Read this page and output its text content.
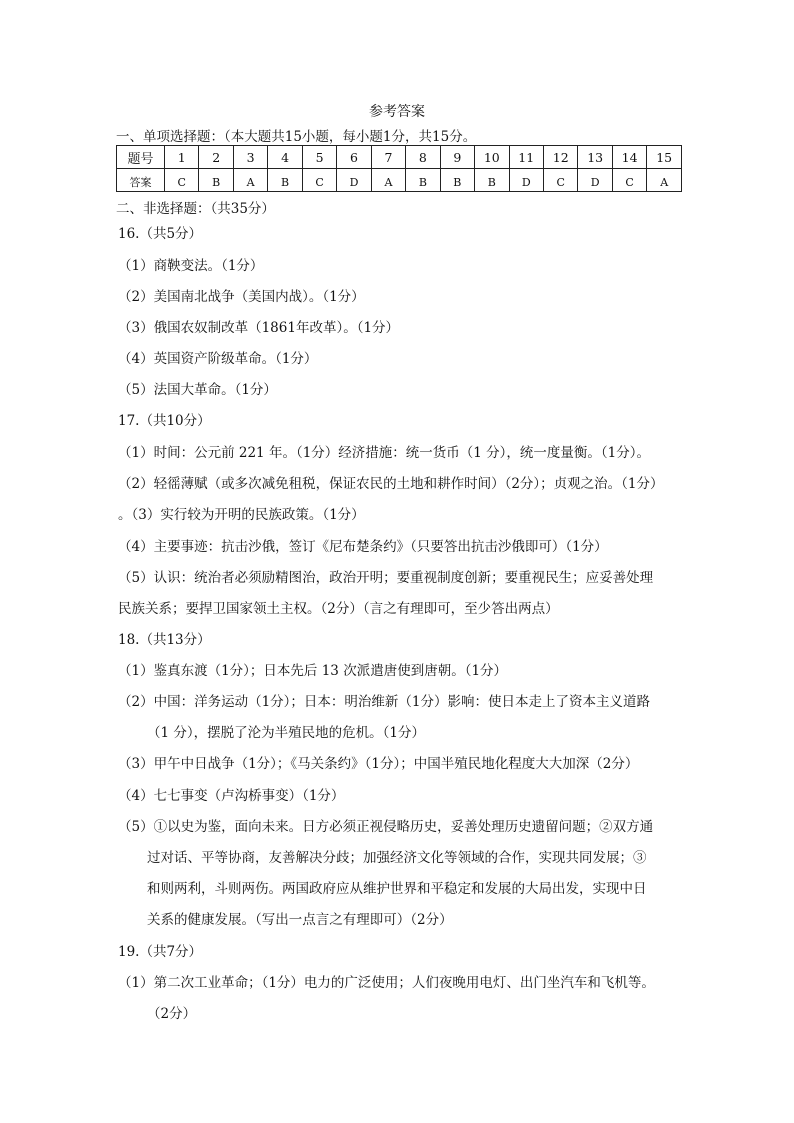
参考答案
一、单项选择题：（本大题共15小题，每小题1分，共15分。
题号	1	2	3	4	5	6	7	8	9	10	11	12	13	14	15
答案	C	B	A	B	C	D	A	B	B	B	D	C	D	C	A
二、非选择题：（共35分）
16.（共5分）
（1）商鞅变法。（1分）
（2）美国南北战争（美国内战）。（1分）
（3）俄国农奴制改革（1861年改革）。（1分）
（4）英国资产阶级革命。（1分）
（5）法国大革命。（1分）
17.（共10分）
（1）时间：公元前 221 年。（1分）经济措施：统一货币（1 分），统一度量衡。（1分）。
（2）轻徭薄赋（或多次减免租税，保证农民的土地和耕作时间）（2分）；贞观之治。（1分）
。（3）实行较为开明的民族政策。（1分）
（4）主要事迹：抗击沙俄，签订《尼布楚条约》（只要答出抗击沙俄即可）（1分）
（5）认识：统治者必须励精图治，政治开明；要重视制度创新；要重视民生；应妥善处理
民族关系；要捍卫国家领土主权。（2分）（言之有理即可，至少答出两点）
18.（共13分）
（1）鉴真东渡（1分）；日本先后 13 次派遣唐使到唐朝。（1分）
（2）中国：洋务运动（1分）；日本：明治维新（1分）影响：使日本走上了资本主义道路
（1 分），摆脱了沦为半殖民地的危机。（1分）
（3）甲午中日战争（1分）；《马关条约》（1分）；中国半殖民地化程度大大加深（2分）
（4）七七事变（卢沟桥事变）（1分）
（5）①以史为鉴，面向未来。日方必须正视侵略历史，妥善处理历史遗留问题；②双方通
过对话、平等协商，友善解决分歧；加强经济文化等领域的合作，实现共同发展；③
和则两利，斗则两伤。两国政府应从维护世界和平稳定和发展的大局出发，实现中日
关系的健康发展。（写出一点言之有理即可）（2分）
19.（共7分）
（1）第二次工业革命；（1分）电力的广泛使用；人们夜晚用电灯、出门坐汽车和飞机等。
（2分）
